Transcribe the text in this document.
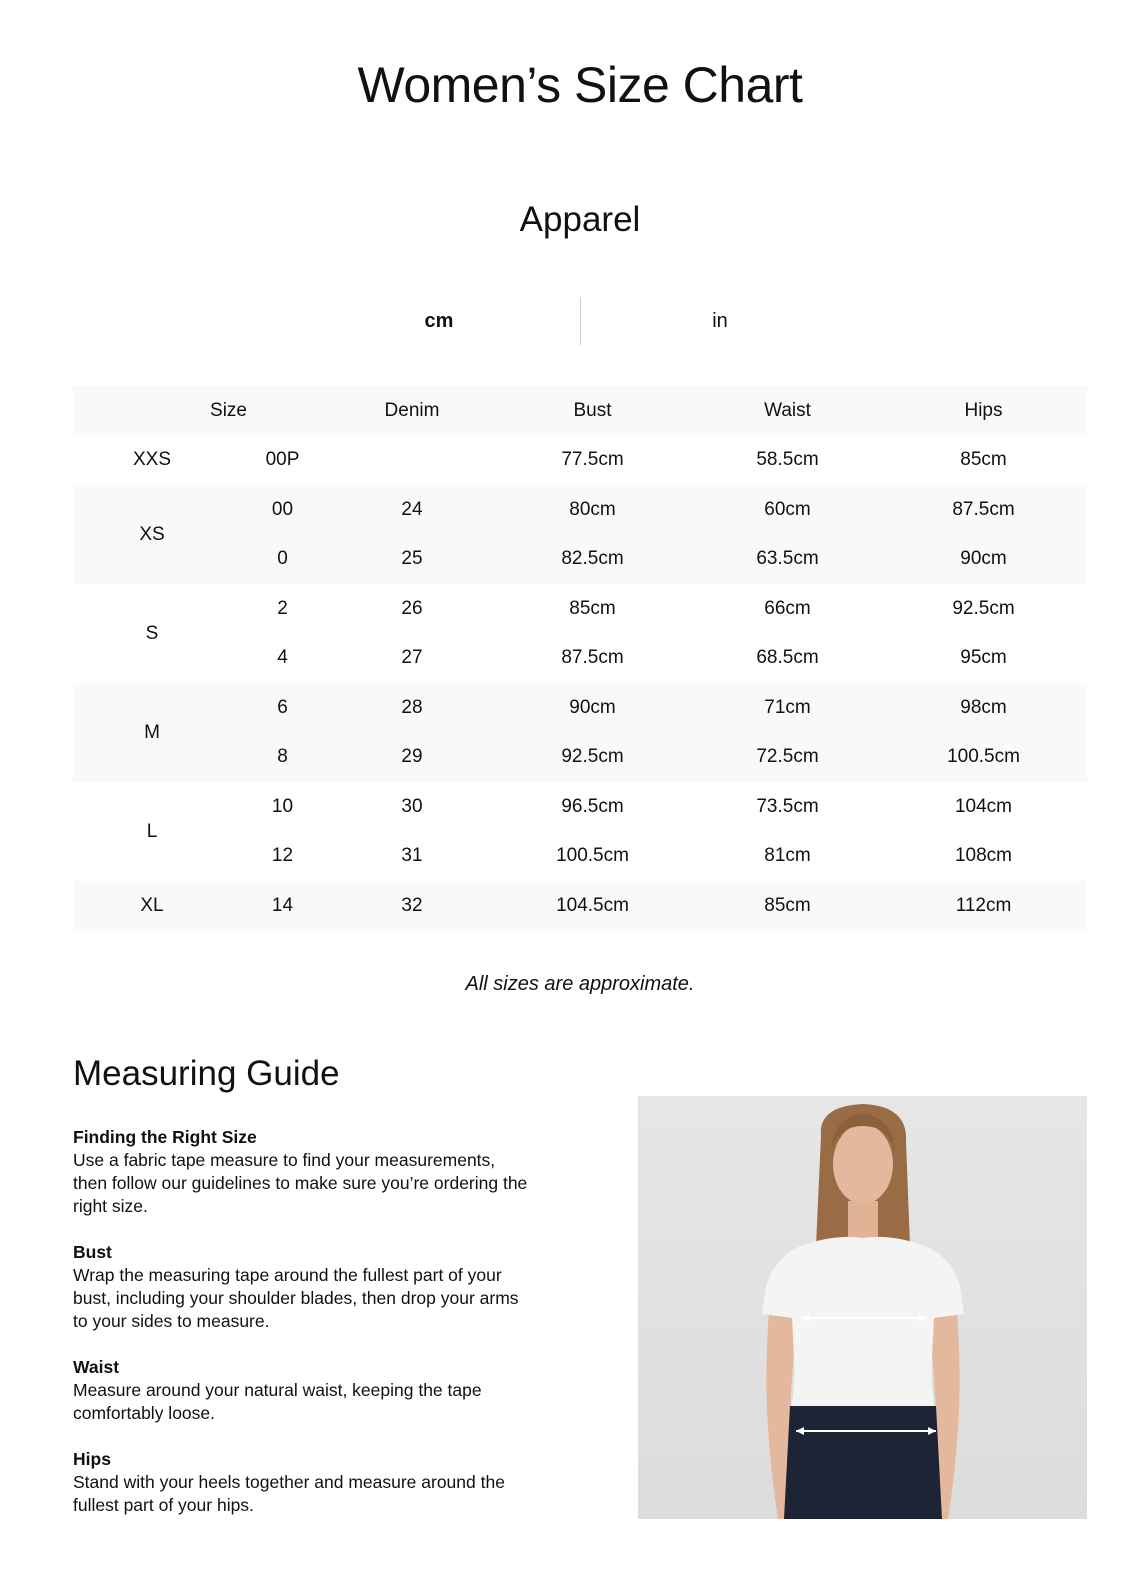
Women’s Size Chart
Apparel
cm	in
Size		Denim	Bust	Waist	Hips
XXS	00P		77.5cm	58.5cm	85cm
XS	00	24	80cm	60cm	87.5cm
	0	25	82.5cm	63.5cm	90cm
S	2	26	85cm	66cm	92.5cm
	4	27	87.5cm	68.5cm	95cm
M	6	28	90cm	71cm	98cm
	8	29	92.5cm	72.5cm	100.5cm
L	10	30	96.5cm	73.5cm	104cm
	12	31	100.5cm	81cm	108cm
XL	14	32	104.5cm	85cm	112cm

All sizes are approximate.

Measuring Guide
Finding the Right Size

Use a fabric tape measure to find your measurements, then follow our guidelines to make sure you’re ordering the right size.

Bust

Wrap the measuring tape around the fullest part of your bust, including your shoulder blades, then drop your arms to your sides to measure.

Waist

Measure around your natural waist, keeping the tape comfortably loose.

Hips

Stand with your heels together and measure around the fullest part of your hips.
